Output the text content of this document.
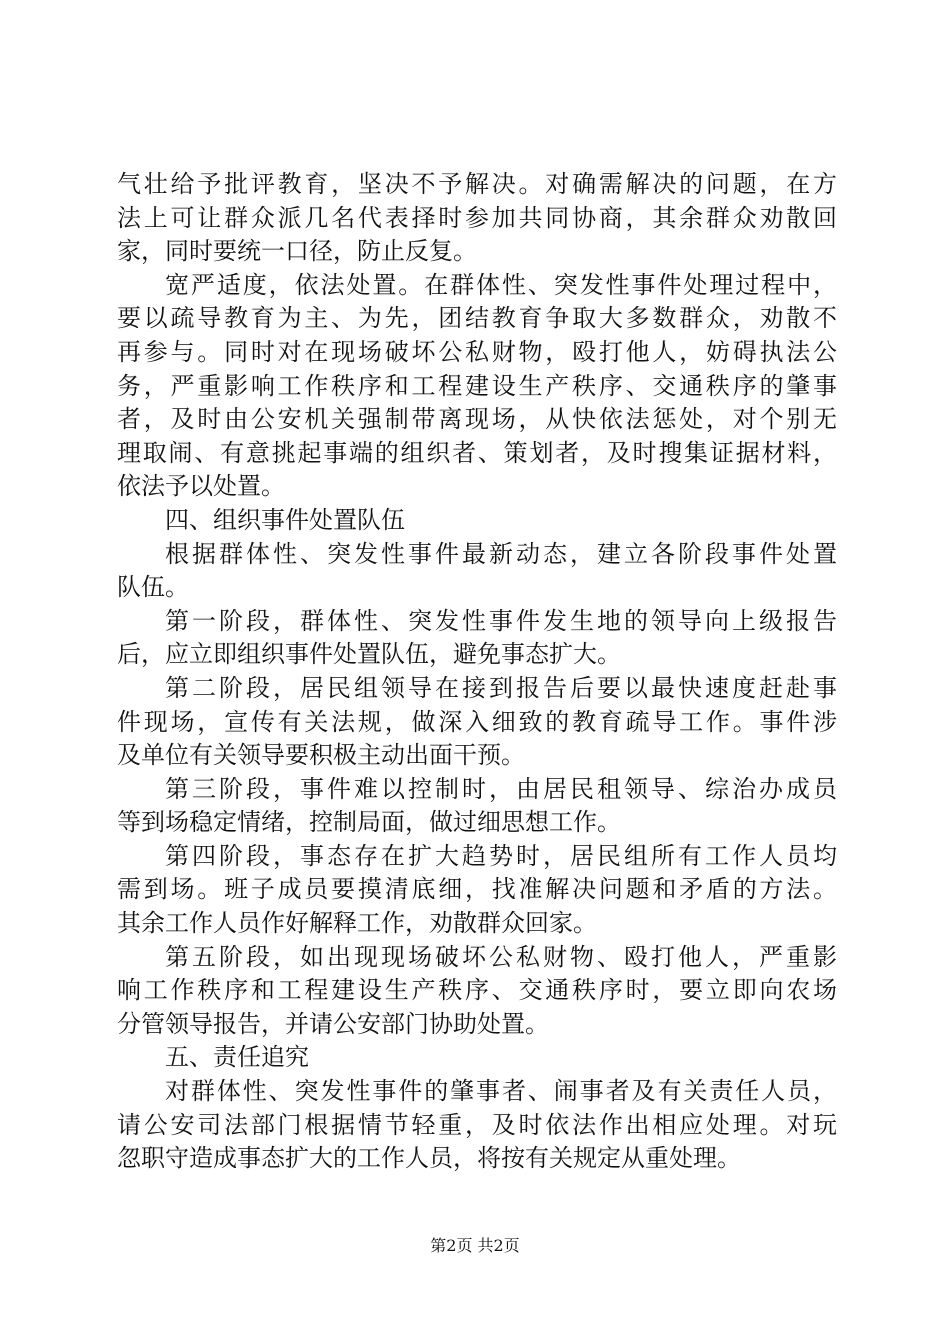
气壮给予批评教育，坚决不予解决。对确需解决的问题，在方
法上可让群众派几名代表择时参加共同协商，其余群众劝散回
家，同时要统一口径，防止反复。
宽严适度，依法处置。在群体性、突发性事件处理过程中，
要以疏导教育为主、为先，团结教育争取大多数群众，劝散不
再参与。同时对在现场破坏公私财物，殴打他人，妨碍执法公
务，严重影响工作秩序和工程建设生产秩序、交通秩序的肇事
者，及时由公安机关强制带离现场，从快依法惩处，对个别无
理取闹、有意挑起事端的组织者、策划者，及时搜集证据材料，
依法予以处置。
四、组织事件处置队伍
根据群体性、突发性事件最新动态，建立各阶段事件处置
队伍。
第一阶段，群体性、突发性事件发生地的领导向上级报告
后，应立即组织事件处置队伍，避免事态扩大。
第二阶段，居民组领导在接到报告后要以最快速度赶赴事
件现场，宣传有关法规，做深入细致的教育疏导工作。事件涉
及单位有关领导要积极主动出面干预。
第三阶段，事件难以控制时，由居民租领导、综治办成员
等到场稳定情绪，控制局面，做过细思想工作。
第四阶段，事态存在扩大趋势时，居民组所有工作人员均
需到场。班子成员要摸清底细，找准解决问题和矛盾的方法。
其余工作人员作好解释工作，劝散群众回家。
第五阶段，如出现现场破坏公私财物、殴打他人，严重影
响工作秩序和工程建设生产秩序、交通秩序时，要立即向农场
分管领导报告，并请公安部门协助处置。
五、责任追究
对群体性、突发性事件的肇事者、闹事者及有关责任人员，
请公安司法部门根据情节轻重，及时依法作出相应处理。对玩
忽职守造成事态扩大的工作人员，将按有关规定从重处理。
第2页 共2页
